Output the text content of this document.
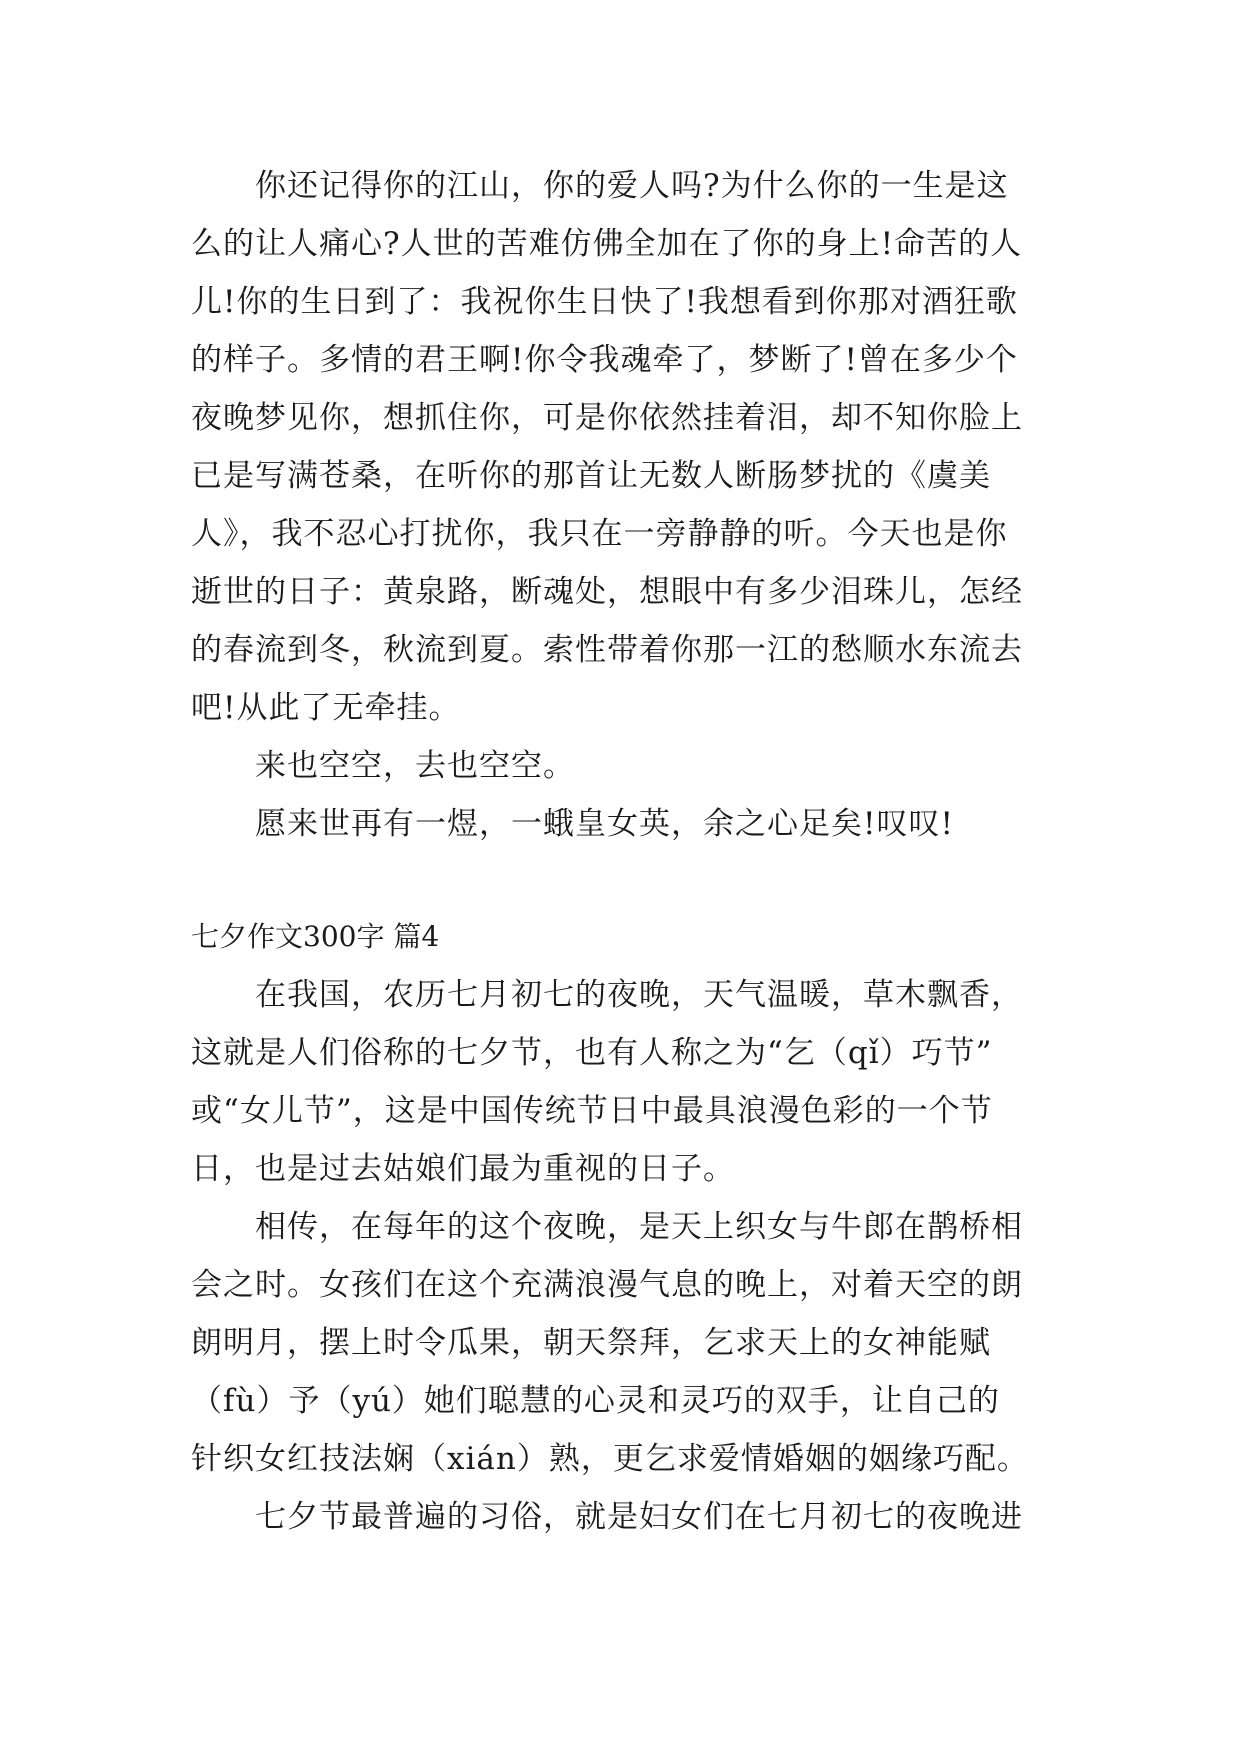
你还记得你的江山，你的爱人吗?为什么你的一生是这
么的让人痛心?人世的苦难仿佛全加在了你的身上!命苦的人
儿!你的生日到了：我祝你生日快了!我想看到你那对酒狂歌
的样子。多情的君王啊!你令我魂牵了，梦断了!曾在多少个
夜晚梦见你，想抓住你，可是你依然挂着泪，却不知你脸上
已是写满苍桑，在听你的那首让无数人断肠梦扰的《虞美
人》，我不忍心打扰你，我只在一旁静静的听。今天也是你
逝世的日子：黄泉路，断魂处，想眼中有多少泪珠儿，怎经
的春流到冬，秋流到夏。索性带着你那一江的愁顺水东流去
吧!从此了无牵挂。
来也空空，去也空空。
愿来世再有一煜，一蛾皇女英，余之心足矣!叹叹!
七夕作文300字 篇4
在我国，农历七月初七的夜晚，天气温暖，草木飘香，
这就是人们俗称的七夕节，也有人称之为“乞（qǐ）巧节”
或“女儿节”，这是中国传统节日中最具浪漫色彩的一个节
日，也是过去姑娘们最为重视的日子。
相传，在每年的这个夜晚，是天上织女与牛郎在鹊桥相
会之时。女孩们在这个充满浪漫气息的晚上，对着天空的朗
朗明月，摆上时令瓜果，朝天祭拜，乞求天上的女神能赋
（fù）予（yú）她们聪慧的心灵和灵巧的双手，让自己的
针织女红技法娴（xián）熟，更乞求爱情婚姻的姻缘巧配。
七夕节最普遍的习俗，就是妇女们在七月初七的夜晚进
